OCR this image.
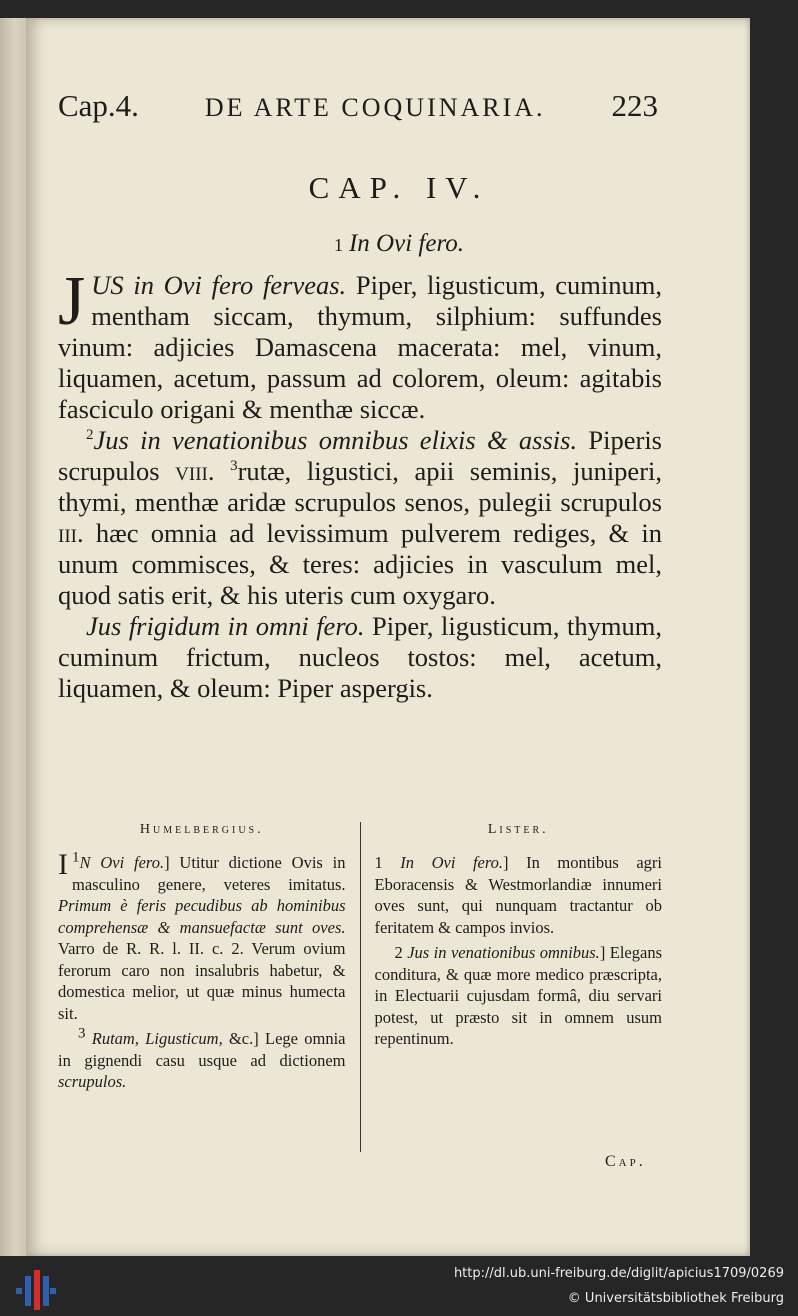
Cap.4.	DE ARTE COQUINARIA. 223
CAP. IV.
1 In Ovi fero.

JUS in Ovi fero ferveas. Piper, ligusticum, cuminum, mentham siccam, thymum, silphium: suffundes vinum: adjicies Damascena macerata: mel, vinum, liquamen, acetum, passum ad colorem, oleum: agitabis fasciculo origani & menthæ siccæ.

$^2$Jus in venationibus omnibus elixis & assis. Piperis scrupulos viii. $^3$rutæ, ligustici, apii seminis, juniperi, thymi, menthæ aridæ scrupulos senos, pulegii scrupulos iii. hæc omnia ad levissimum pulverem rediges, & in unum commisces, & teres: adjicies in vasculum mel, quod satis erit, & his uteris cum oxygaro.

Jus frigidum in omni fero. Piper, ligusticum, thymum, cuminum frictum, nucleos tostos: mel, acetum, liquamen, & oleum: Piper aspergis.

Humelbergius.

1
I N Ovi fero.] Utitur dictione Ovis in masculino genere, veteres imitatus. Primum è feris pecudibus ab hominibus comprehensæ & mansuefactæ sunt oves. Varro de R. R. l. II. c. 2. Verum ovium ferorum caro non insalubris habetur, & domestica melior, ut quæ minus humecta sit.

3 Rutam, Ligusticum, &c.] Lege omnia in gignendi casu usque ad dictionem scrupulos.

Lister.

1 In Ovi fero.] In montibus agri Eboracensis & Westmorlandiæ innumeri oves sunt, qui nunquam tractantur ob feritatem & campos invios.

2 Jus in venationibus omnibus.] Elegans conditura, & quæ more medico præscripta, in Electuarii cujusdam formâ, diu servari potest, ut præsto sit in omnem usum repentinum.

Cap.
http://dl.ub.uni-freiburg.de/diglit/apicius1709/0269
© Universitätsbibliothek Freiburg
